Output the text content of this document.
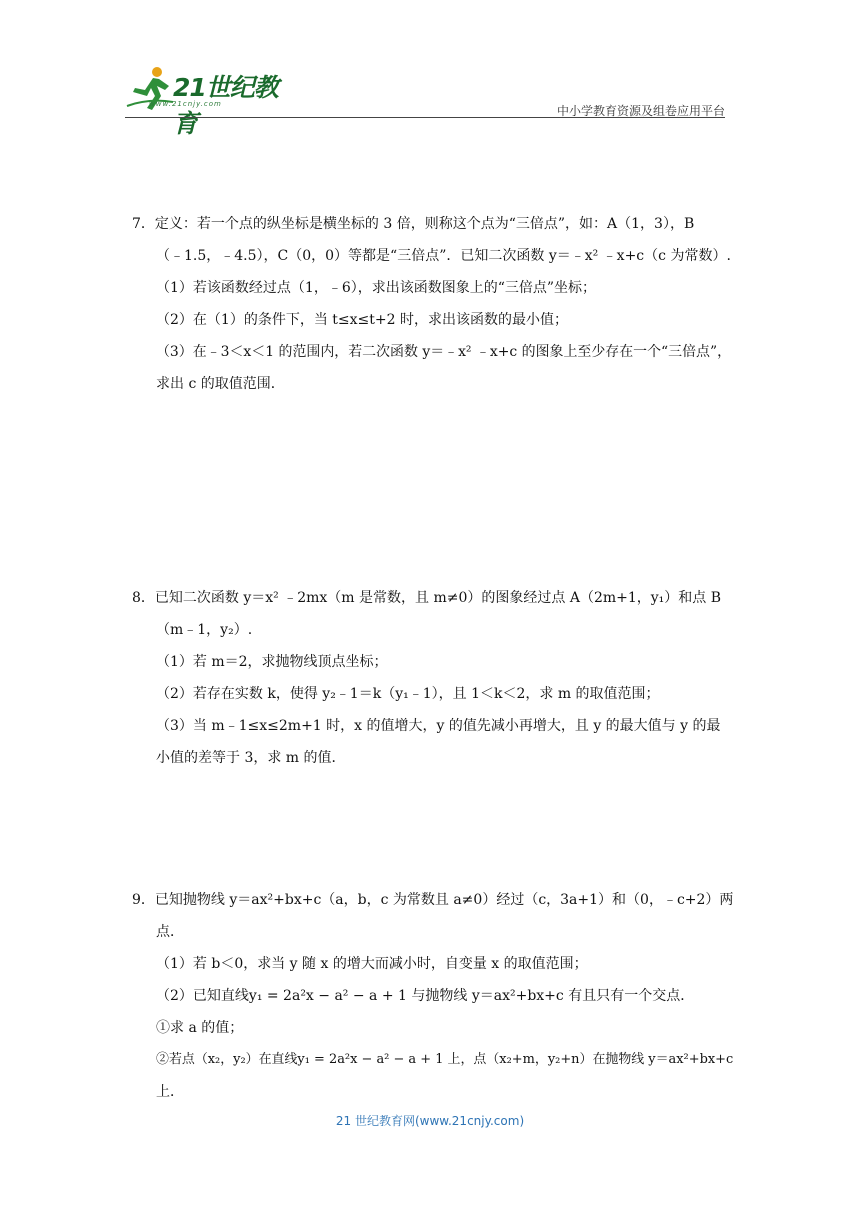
21世纪教育
www.21cnjy.com	中小学教育资源及组卷应用平台
7．定义：若一个点的纵坐标是横坐标的 3 倍，则称这个点为“三倍点”，如：A（1，3），B
（﹣1.5，﹣4.5），C（0，0）等都是“三倍点”．已知二次函数 y＝﹣x² ﹣x+c（c 为常数）.
（1）若该函数经过点（1，﹣6），求出该函数图象上的“三倍点”坐标；
（2）在（1）的条件下，当 t≤x≤t+2 时，求出该函数的最小值；
（3）在﹣3＜x＜1 的范围内，若二次函数 y＝﹣x² ﹣x+c 的图象上至少存在一个“三倍点”，
求出 c 的取值范围．
8．已知二次函数 y＝x² ﹣2mx（m 是常数，且 m≠0）的图象经过点 A（2m+1，y₁）和点 B
（m﹣1，y₂）.
（1）若 m＝2，求抛物线顶点坐标；
（2）若存在实数 k，使得 y₂﹣1＝k（y₁﹣1），且 1＜k＜2，求 m 的取值范围；
（3）当 m﹣1≤x≤2m+1 时，x 的值增大，y 的值先减小再增大，且 y 的最大值与 y 的最
小值的差等于 3，求 m 的值．
9．已知抛物线 y＝ax²+bx+c（a，b，c 为常数且 a≠0）经过（c，3a+1）和（0，﹣c+2）两
点．
（1）若 b＜0，求当 y 随 x 的增大而减小时，自变量 x 的取值范围；
（2）已知直线y₁ = 2a²x − a² − a + 1 与抛物线 y＝ax²+bx+c 有且只有一个交点．
①求 a 的值；
②若点（x₂，y₂）在直线y₁ = 2a²x − a² − a + 1 上，点（x₂+m，y₂+n）在抛物线 y＝ax²+bx+c
上．
21 世纪教育网(www.21cnjy.com)
